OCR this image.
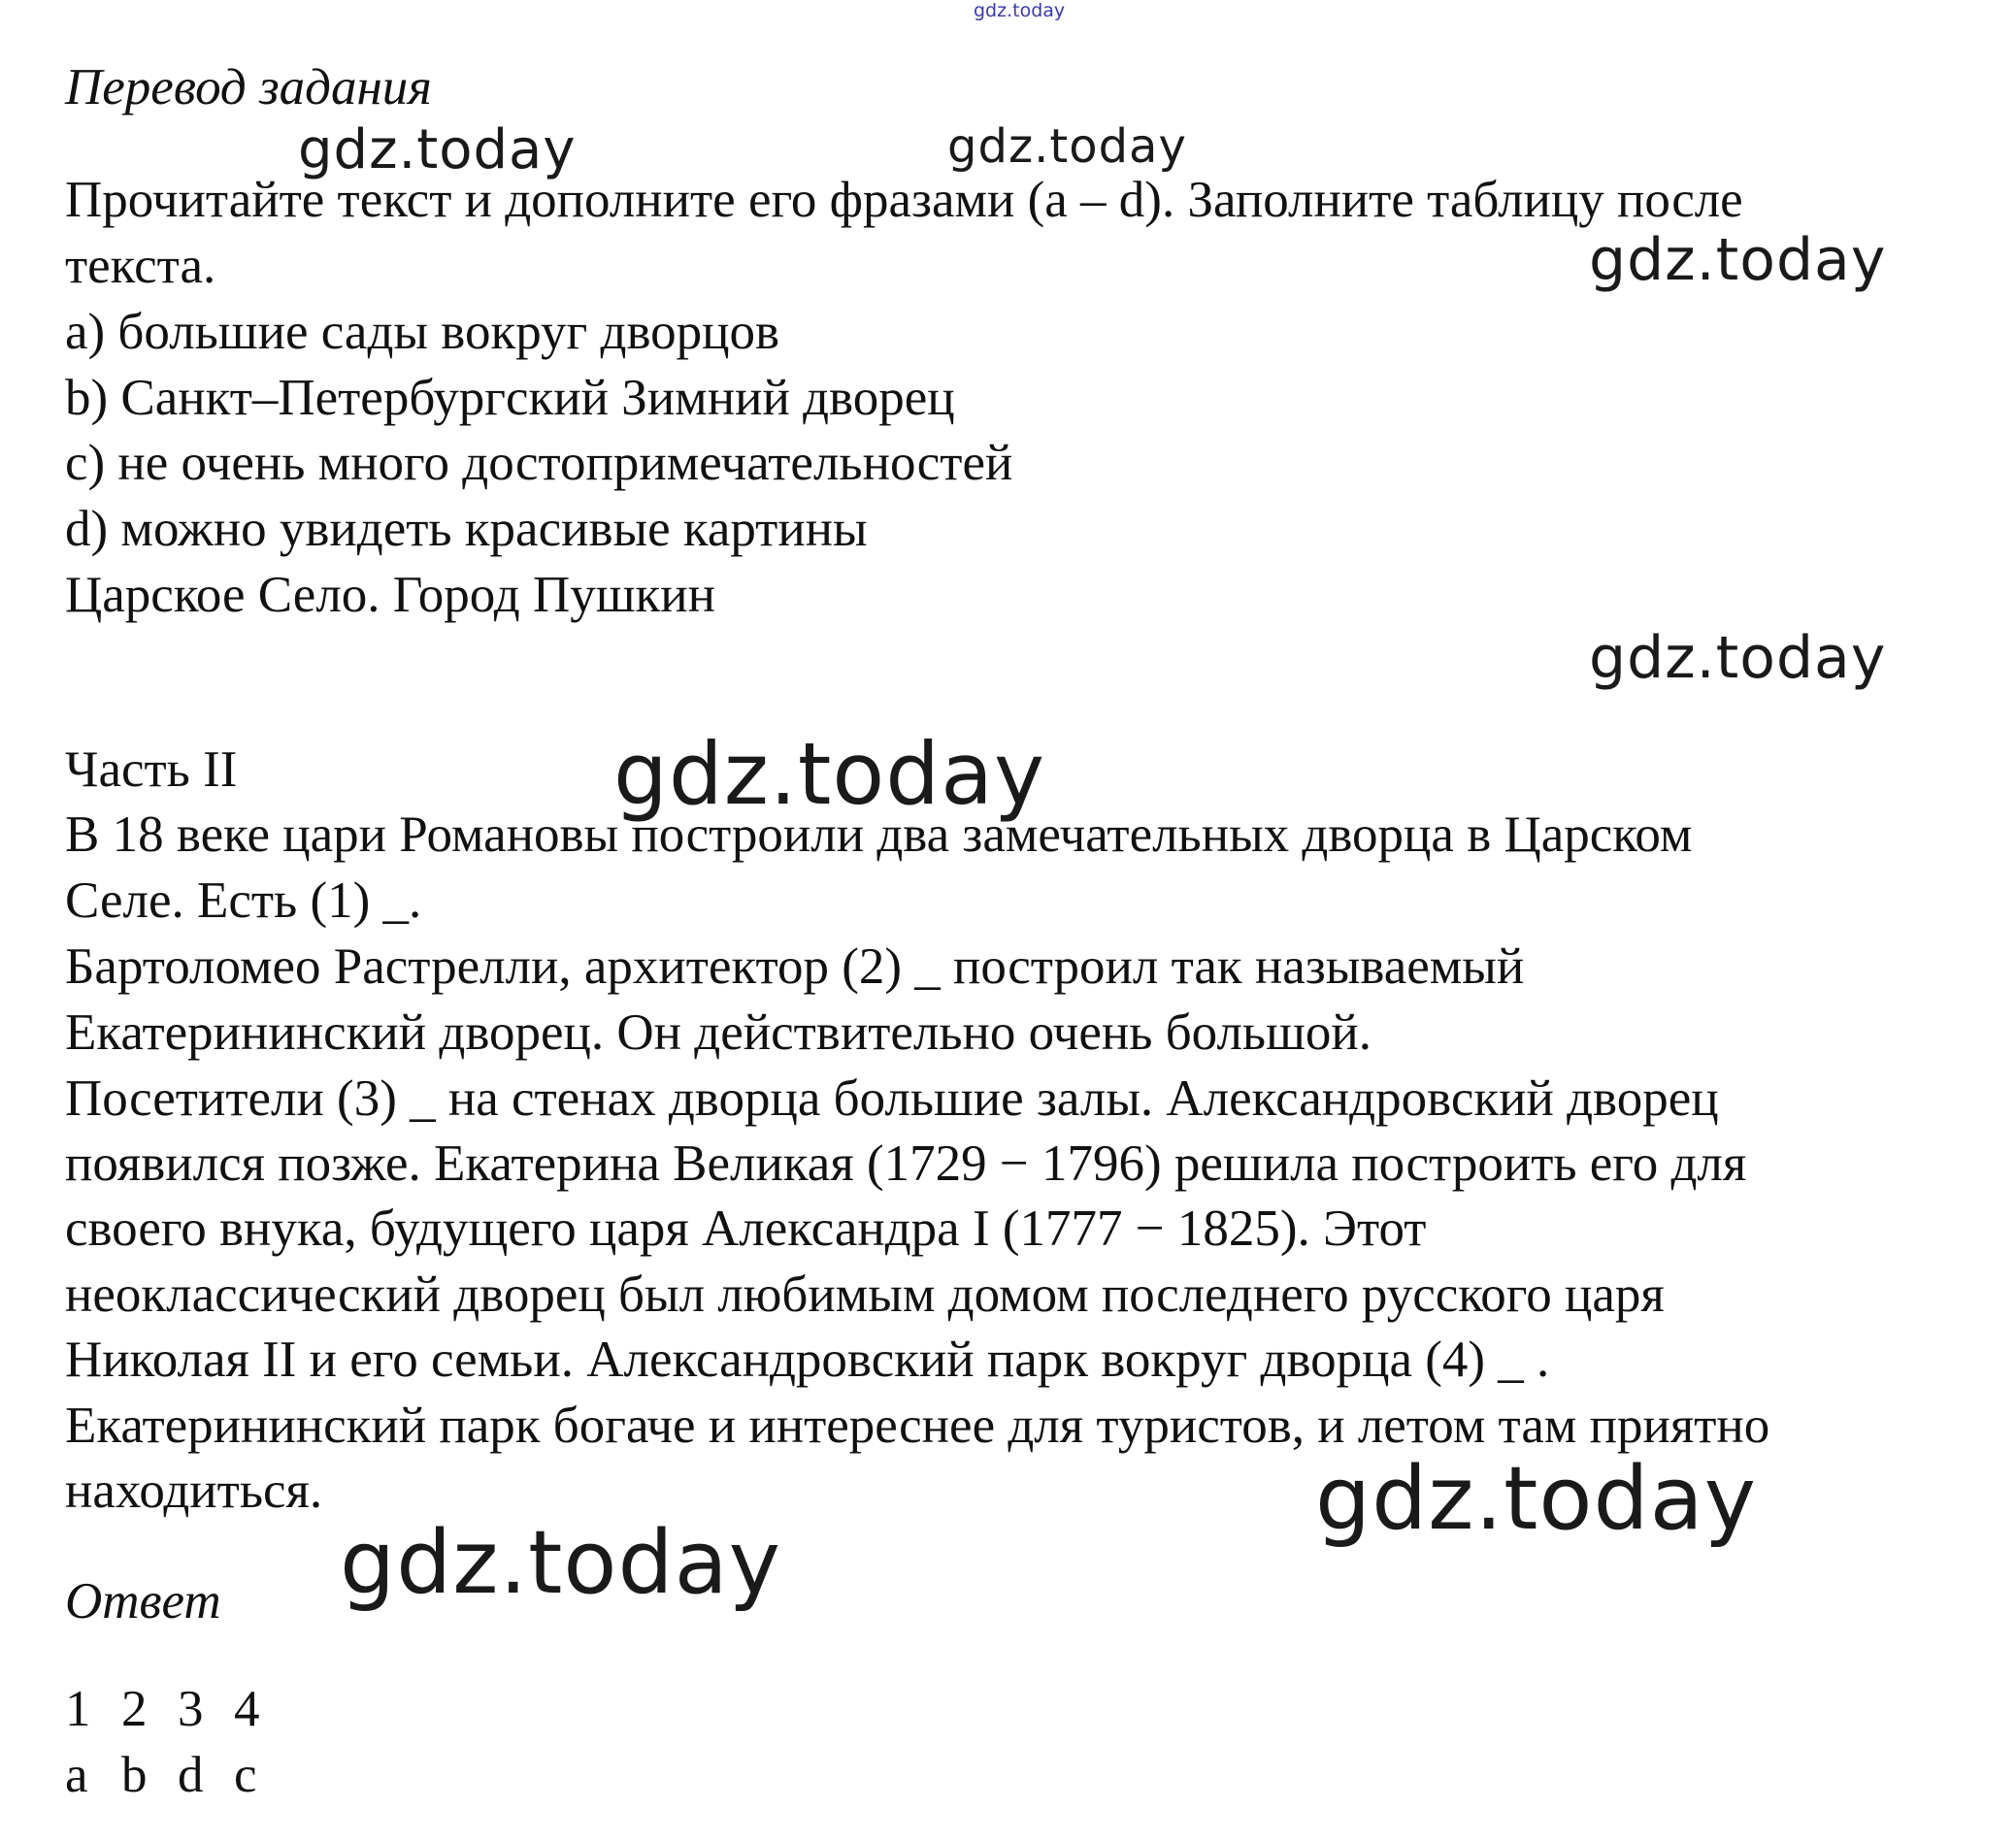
gdz.today
Перевод задания
Прочитайте текст и дополните его фразами (a – d). Заполните таблицу после
текста.
a) большие сады вокруг дворцов
b) Санкт–Петербургский Зимний дворец
c) не очень много достопримечательностей
d) можно увидеть красивые картины
Царское Село. Город Пушкин
Часть II
В 18 веке цари Романовы построили два замечательных дворца в Царском
Селе. Есть (1) _.
Бартоломео Растрелли, архитектор (2) _ построил так называемый
Екатерининский дворец. Он действительно очень большой.
Посетители (3) _ на стенах дворца большие залы. Александровский дворец
появился позже. Екатерина Великая (1729 − 1796) решила построить его для
своего внука, будущего царя Александра I (1777 − 1825). Этот
неоклассический дворец был любимым домом последнего русского царя
Николая II и его семьи. Александровский парк вокруг дворца (4) _ .
Екатерининский парк богаче и интереснее для туристов, и летом там приятно
находиться.
Ответ
1 2 3 4
a b d c
gdz.today	gdz.today
gdz.today
gdz.today
gdz.today
gdz.today
gdz.today
